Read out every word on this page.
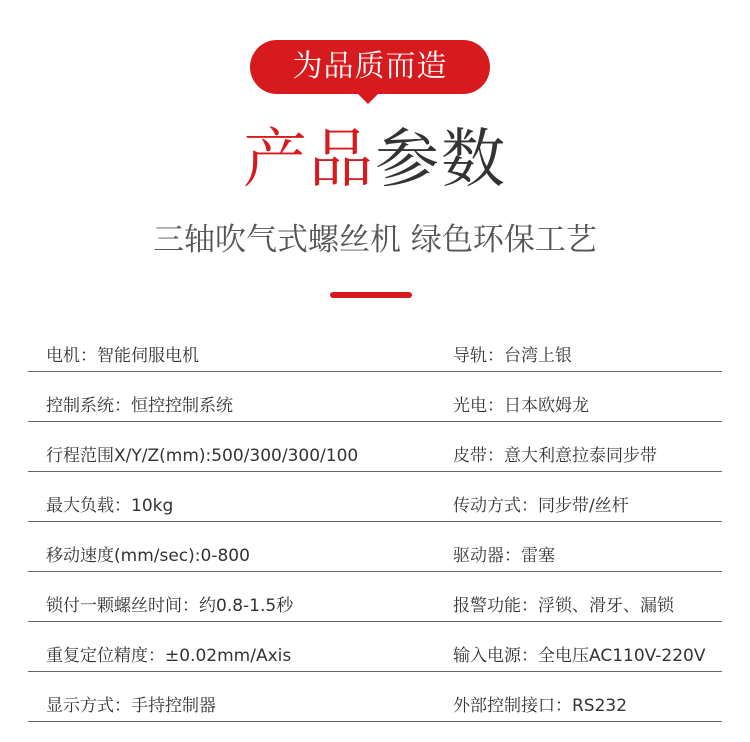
为品质而造
产品参数
三轴吹气式螺丝机 绿色环保工艺
电机：智能伺服电机	导轨：台湾上银
控制系统：恒控控制系统	光电：日本欧姆龙
行程范围X/Y/Z(mm):500/300/300/100	皮带：意大利意拉泰同步带
最大负载：10kg	传动方式：同步带/丝杆
移动速度(mm/sec):0-800	驱动器：雷塞
锁付一颗螺丝时间：约0.8-1.5秒	报警功能：浮锁、滑牙、漏锁
重复定位精度：±0.02mm/Axis	输入电源：全电压AC110V-220V
显示方式：手持控制器	外部控制接口：RS232
